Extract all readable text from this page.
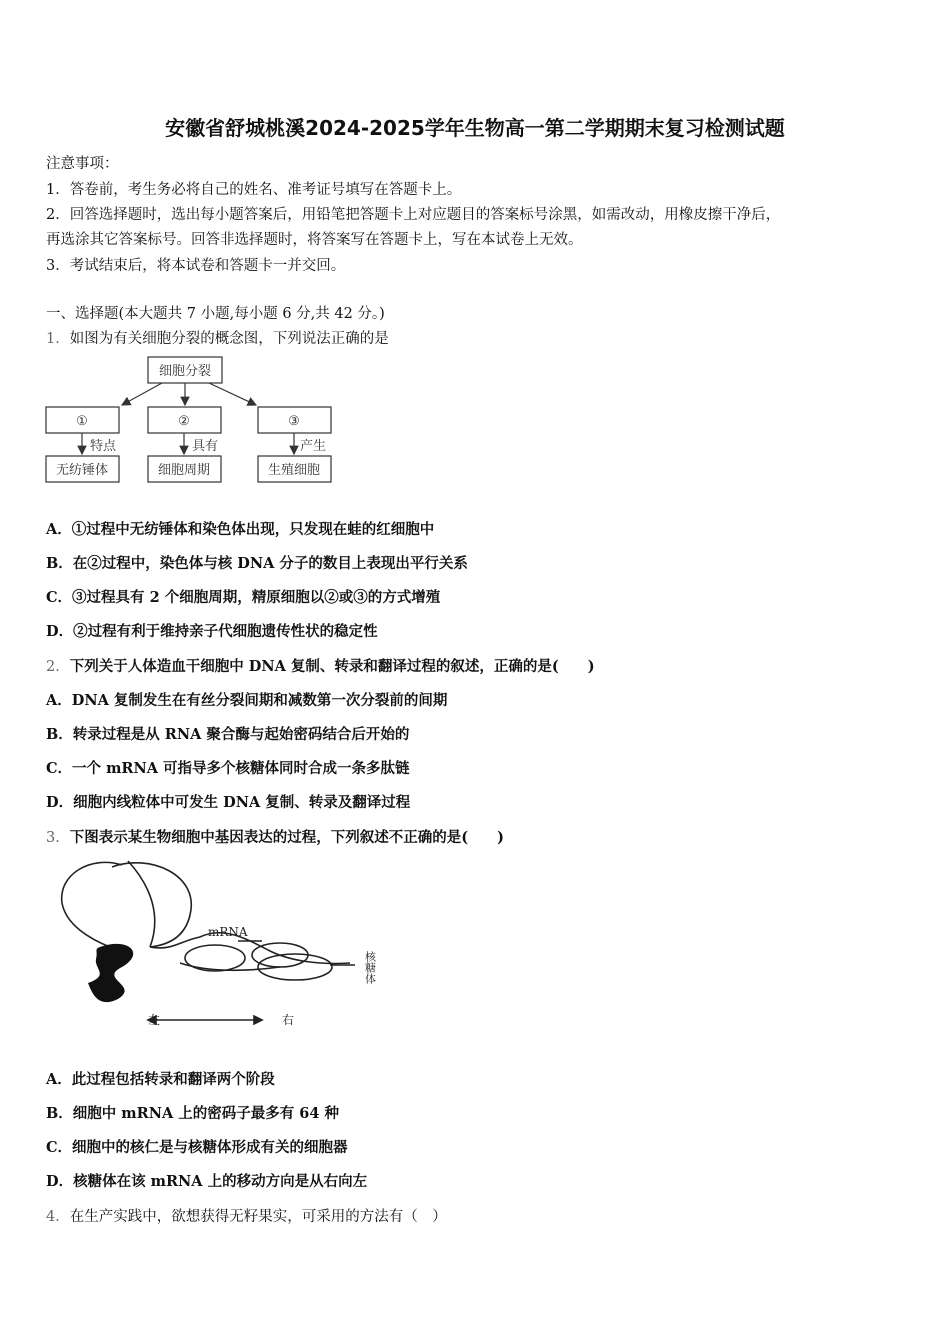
安徽省舒城桃溪2024-2025学年生物高一第二学期期末复习检测试题
注意事项：
1．答卷前，考生务必将自己的姓名、准考证号填写在答题卡上。
2．回答选择题时，选出每小题答案后，用铅笔把答题卡上对应题目的答案标号涂黑，如需改动，用橡皮擦干净后，
再选涂其它答案标号。回答非选择题时，将答案写在答题卡上，写在本试卷上无效。
3．考试结束后，将本试卷和答题卡一并交回。
一、选择题(本大题共 7 小题,每小题 6 分,共 42 分。)
1．如图为有关细胞分裂的概念图，下列说法正确的是
细胞分裂
①	②	③
特点	具有	产生
无纺锤体	细胞周期	生殖细胞
A．①过程中无纺锤体和染色体出现，只发现在蛙的红细胞中
B．在②过程中，染色体与核 DNA 分子的数目上表现出平行关系
C．③过程具有 2 个细胞周期，精原细胞以②或③的方式增殖
D．②过程有利于维持亲子代细胞遗传性状的稳定性
2．下列关于人体造血干细胞中 DNA 复制、转录和翻译过程的叙述，正确的是(　　)
A．DNA 复制发生在有丝分裂间期和减数第一次分裂前的间期
B．转录过程是从 RNA 聚合酶与起始密码结合后开始的
C．一个 mRNA 可指导多个核糖体同时合成一条多肽链
D．细胞内线粒体中可发生 DNA 复制、转录及翻译过程
3．下图表示某生物细胞中基因表达的过程，下列叙述不正确的是(　　)
mRNA
核糖体
左	右
A．此过程包括转录和翻译两个阶段
B．细胞中 mRNA 上的密码子最多有 64 种
C．细胞中的核仁是与核糖体形成有关的细胞器
D．核糖体在该 mRNA 上的移动方向是从右向左
4．在生产实践中，欲想获得无籽果实，可采用的方法有（　）
